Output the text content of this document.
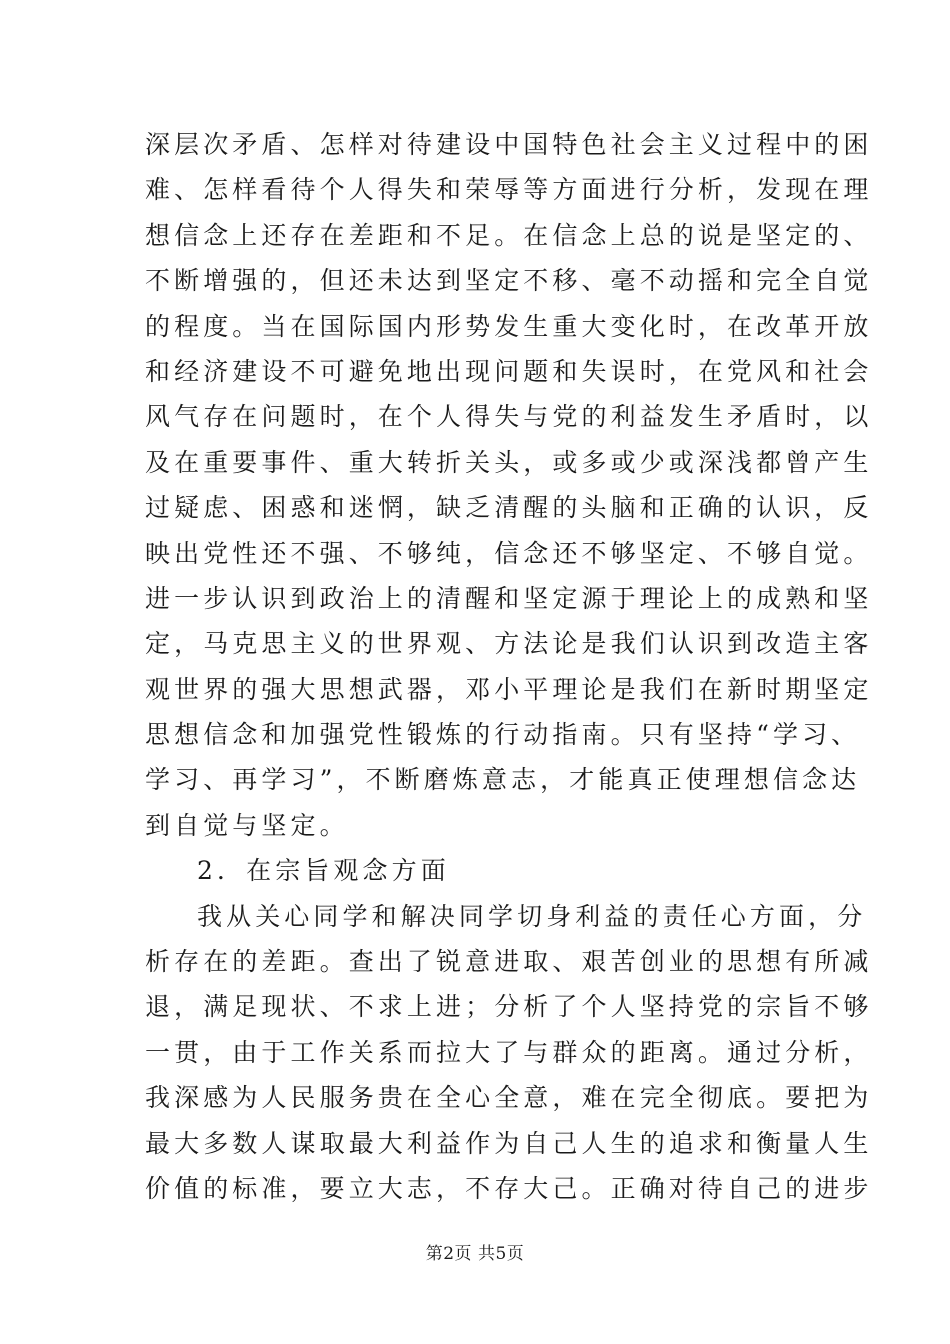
深层次矛盾、怎样对待建设中国特色社会主义过程中的困
难、怎样看待个人得失和荣辱等方面进行分析，发现在理
想信念上还存在差距和不足。在信念上总的说是坚定的、
不断增强的，但还未达到坚定不移、毫不动摇和完全自觉
的程度。当在国际国内形势发生重大变化时，在改革开放
和经济建设不可避免地出现问题和失误时，在党风和社会
风气存在问题时，在个人得失与党的利益发生矛盾时，以
及在重要事件、重大转折关头，或多或少或深浅都曾产生
过疑虑、困惑和迷惘，缺乏清醒的头脑和正确的认识，反
映出党性还不强、不够纯，信念还不够坚定、不够自觉。
进一步认识到政治上的清醒和坚定源于理论上的成熟和坚
定，马克思主义的世界观、方法论是我们认识到改造主客
观世界的强大思想武器，邓小平理论是我们在新时期坚定
思想信念和加强党性锻炼的行动指南。只有坚持“学习、
学习、再学习”，不断磨炼意志，才能真正使理想信念达
到自觉与坚定。
2．在宗旨观念方面
我从关心同学和解决同学切身利益的责任心方面，分
析存在的差距。查出了锐意进取、艰苦创业的思想有所减
退，满足现状、不求上进；分析了个人坚持党的宗旨不够
一贯，由于工作关系而拉大了与群众的距离。通过分析，
我深感为人民服务贵在全心全意，难在完全彻底。要把为
最大多数人谋取最大利益作为自己人生的追求和衡量人生
价值的标准，要立大志，不存大己。正确对待自己的进步
第2页 共5页
